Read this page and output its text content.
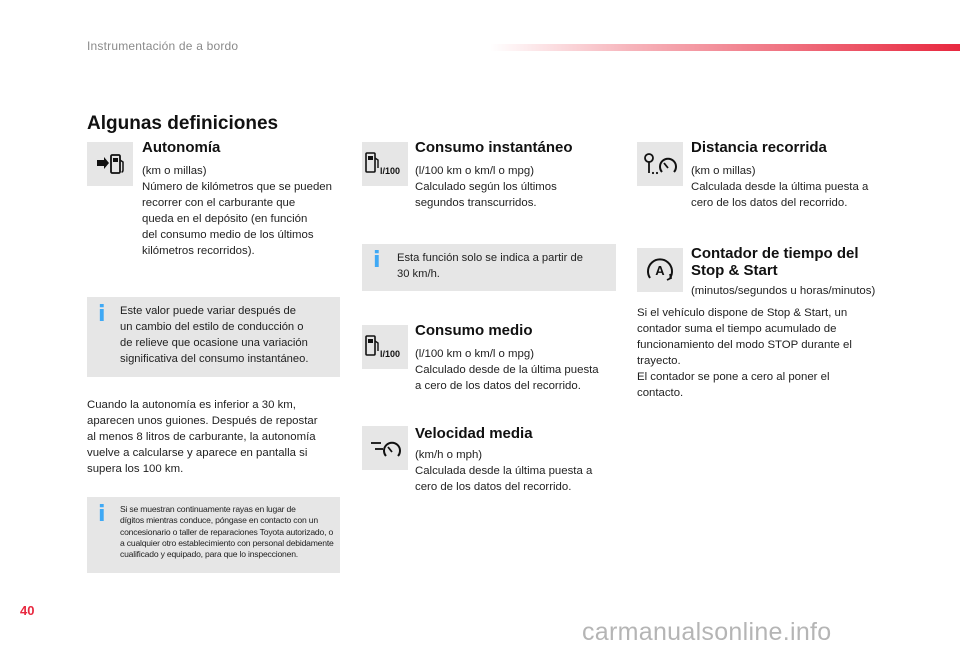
Instrumentación de a bordo
Algunas definiciones
Autonomía
(km o millas)
Número de kilómetros que se pueden
recorrer con el carburante que
queda en el depósito (en función
del consumo medio de los últimos
kilómetros recorridos).
i Este valor puede variar después de
un cambio del estilo de conducción o
de relieve que ocasione una variación
significativa del consumo instantáneo.
Cuando la autonomía es inferior a 30 km,
aparecen unos guiones. Después de repostar
al menos 8 litros de carburante, la autonomía
vuelve a calcularse y aparece en pantalla si
supera los 100 km.
i Si se muestran continuamente rayas en lugar de
dígitos mientras conduce, póngase en contacto con un
concesionario o taller de reparaciones Toyota autorizado, o
a cualquier otro establecimiento con personal debidamente
cualificado y equipado, para que lo inspeccionen.
l/100
Consumo instantáneo
(l/100 km o km/l o mpg)
Calculado según los últimos
segundos transcurridos.
i Esta función solo se indica a partir de
30 km/h.
l/100
Consumo medio
(l/100 km o km/l o mpg)
Calculado desde de la última puesta
a cero de los datos del recorrido.
Velocidad media
(km/h o mph)
Calculada desde la última puesta a
cero de los datos del recorrido.
Distancia recorrida
(km o millas)
Calculada desde la última puesta a
cero de los datos del recorrido.
A
Contador de tiempo del
Stop & Start
(minutos/segundos u horas/minutos)
Si el vehículo dispone de Stop & Start, un
contador suma el tiempo acumulado de
funcionamiento del modo STOP durante el
trayecto.
El contador se pone a cero al poner el
contacto.
40
carmanualsonline.info
